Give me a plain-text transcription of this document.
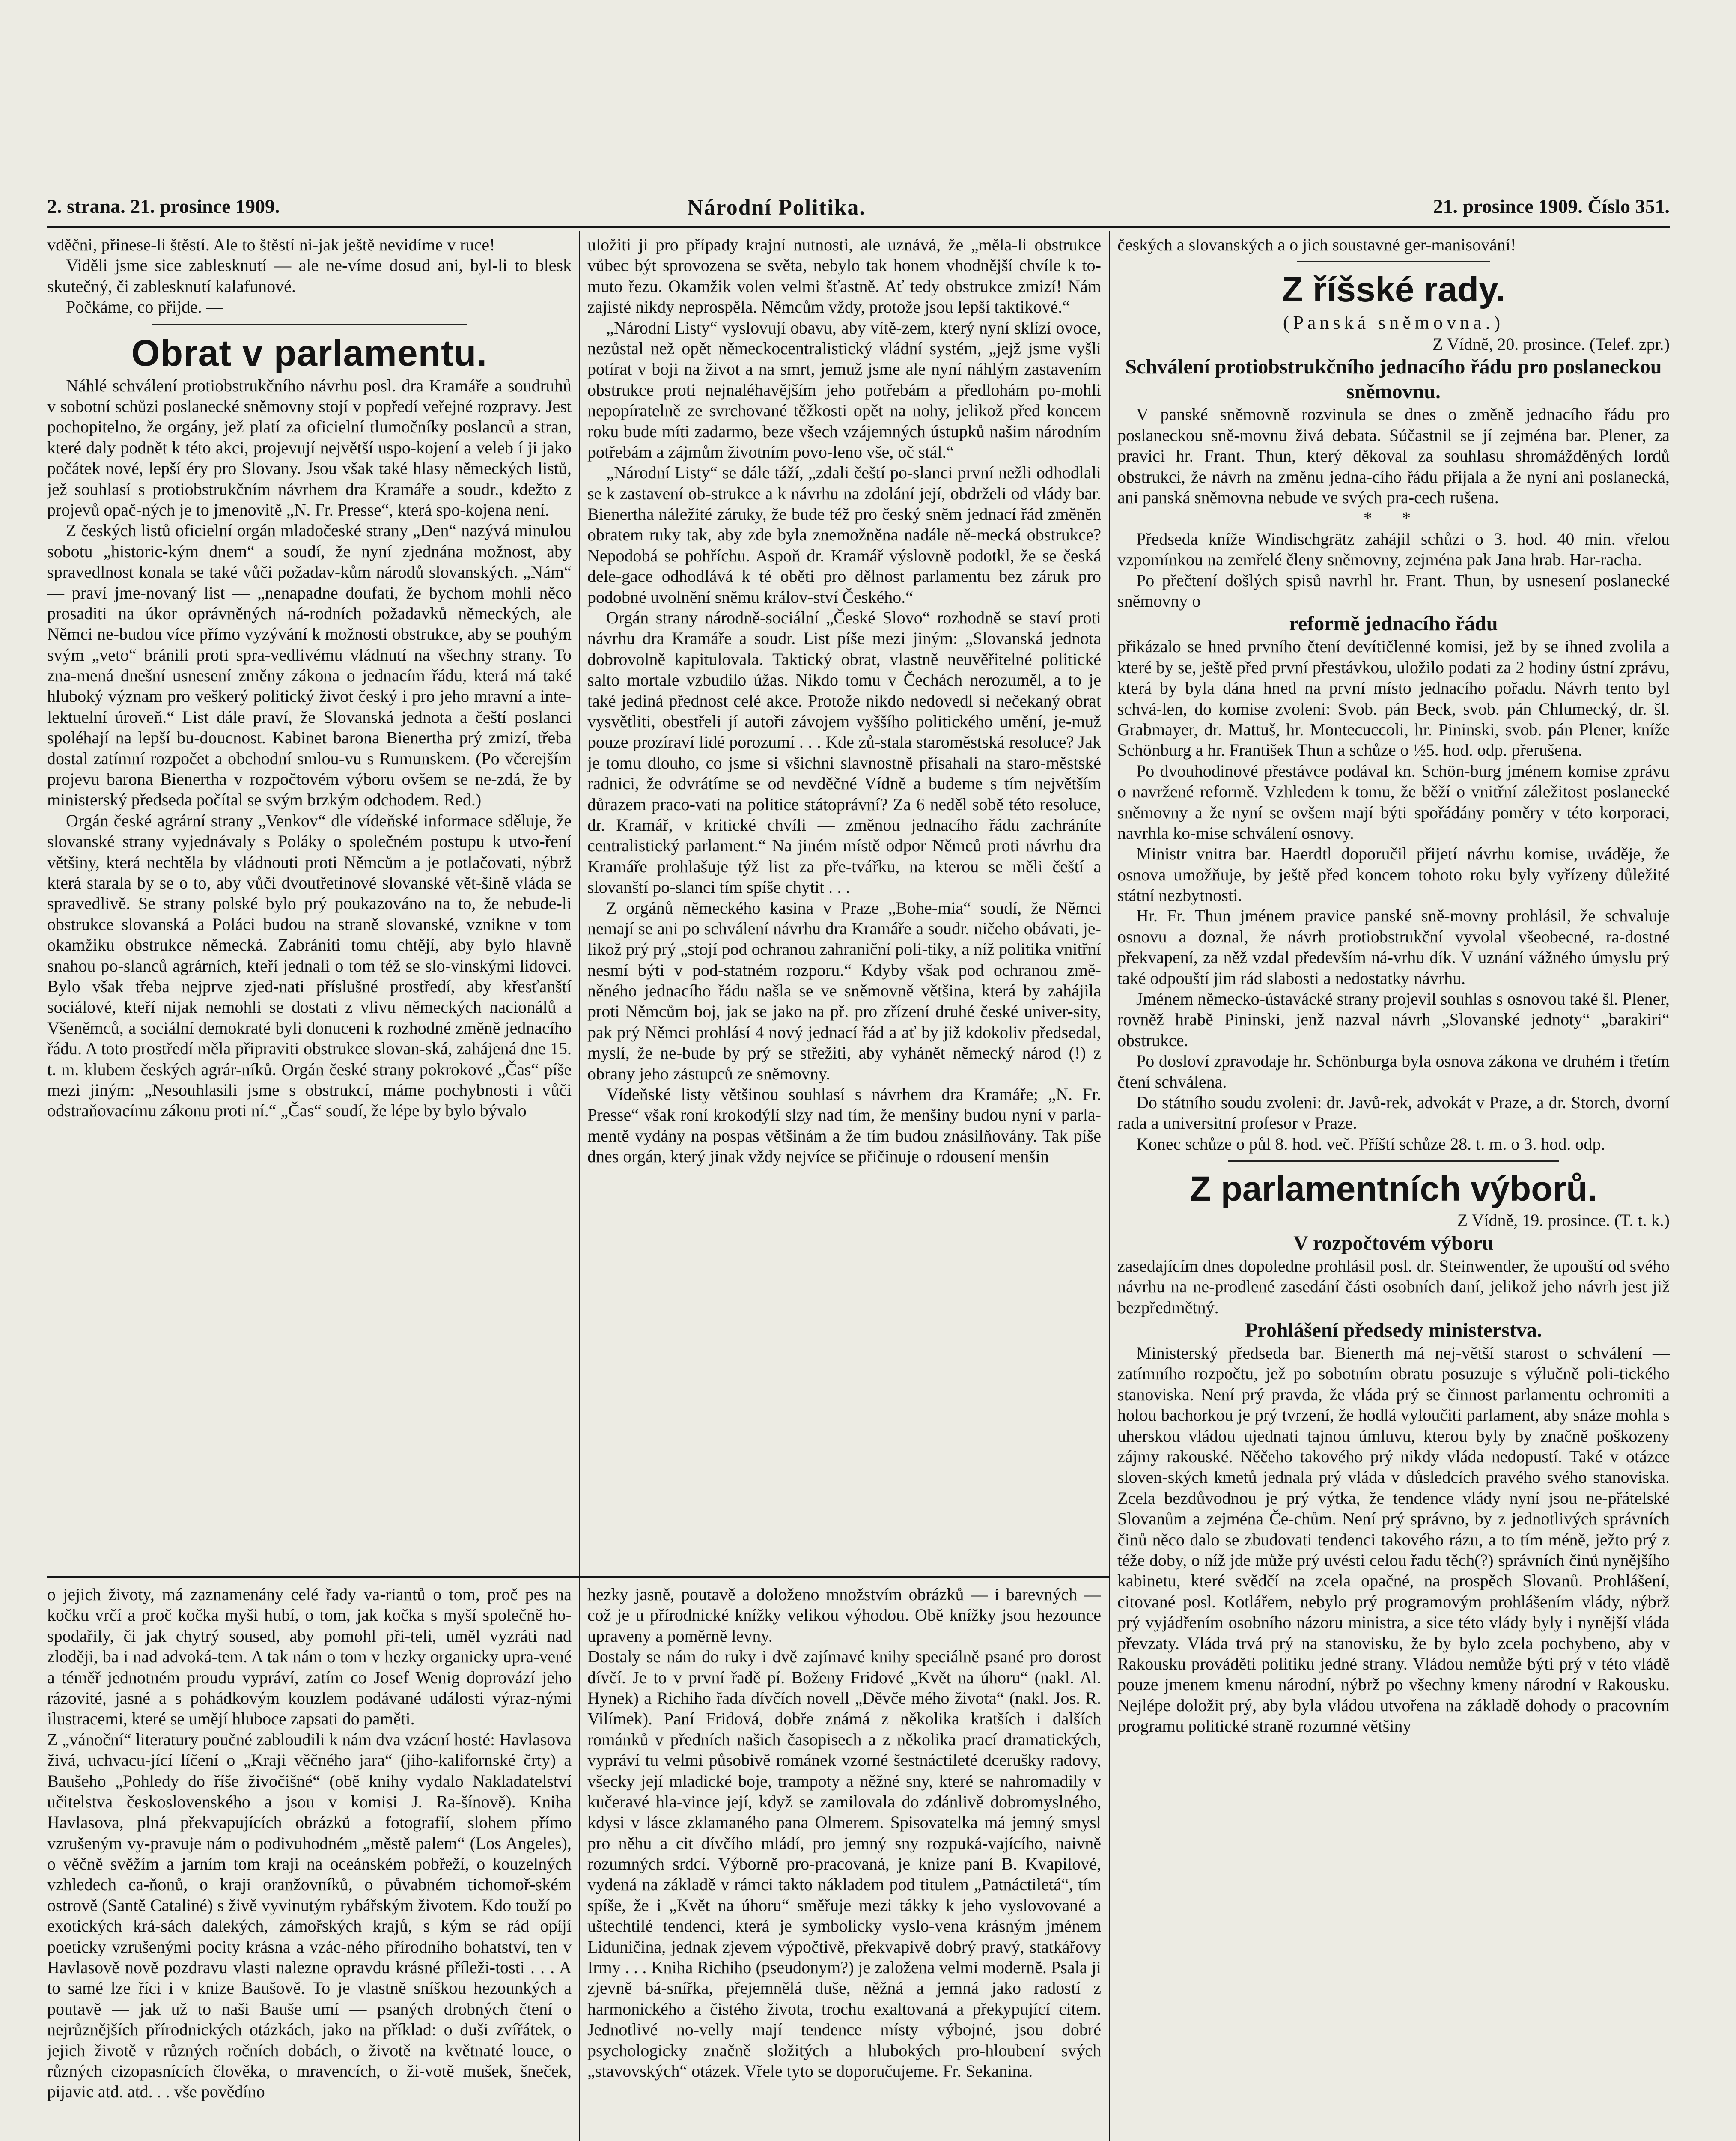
2. strana. 21. prosince 1909.	Národní Politika.	21. prosince 1909. Číslo 351.

vděčni, přinese-li štěstí. Ale to štěstí ni-jak ještě nevidíme v ruce!

Viděli jsme sice zablesknutí — ale ne-víme dosud ani, byl-li to blesk skutečný, či zablesknutí kalafunové.

Počkáme, co přijde. —

Obrat v parlamentu.

Náhlé schválení protiobstrukčního návrhu posl. dra Kramáře a soudruhů v sobotní schůzi poslanecké sněmovny stojí v popředí veřejné rozpravy. Jest pochopitelno, že orgány, jež platí za oficielní tlumočníky poslanců a stran, které daly podnět k této akci, projevují největší uspo-kojení a veleb í ji jako počátek nové, lepší éry pro Slovany. Jsou však také hlasy německých listů, jež souhlasí s protiobstrukčním návrhem dra Kramáře a soudr., kdežto z projevů opač-ných je to jmenovitě „N. Fr. Presse“, která spo-kojena není.

Z českých listů oficielní orgán mladočeské strany „Den“ nazývá minulou sobotu „historic-kým dnem“ a soudí, že nyní zjednána možnost, aby spravedlnost konala se také vůči požadav-kům národů slovanských. „Nám“ — praví jme-novaný list — „nenapadne doufati, že bychom mohli něco prosaditi na úkor oprávněných ná-rodních požadavků německých, ale Němci ne-budou více přímo vyzývání k možnosti obstrukce, aby se pouhým svým „veto“ bránili proti spra-vedlivému vládnutí na všechny strany. To zna-mená dnešní usnesení změny zákona o jednacím řádu, která má také hluboký význam pro veškerý politický život český i pro jeho mravní a inte-lektuelní úroveň.“ List dále praví, že Slovanská jednota a čeští poslanci spoléhají na lepší bu-doucnost. Kabinet barona Bienertha prý zmizí, třeba dostal zatímní rozpočet a obchodní smlou-vu s Rumunskem. (Po včerejším projevu barona Bienertha v rozpočtovém výboru ovšem se ne-zdá, že by ministerský předseda počítal se svým brzkým odchodem. Red.)

Orgán české agrární strany „Venkov“ dle vídeňské informace sděluje, že slovanské strany vyjednávaly s Poláky o společném postupu k utvo-ření většiny, která nechtěla by vládnouti proti Němcům a je potlačovati, nýbrž která starala by se o to, aby vůči dvoutřetinové slovanské vět-šině vláda se spravedlivě. Se strany polské bylo prý poukazováno na to, že nebude-li obstrukce slovanská a Poláci budou na straně slovanské, vznikne v tom okamžiku obstrukce německá. Zabrániti tomu chtějí, aby bylo hlavně snahou po-slanců agrárních, kteří jednali o tom též se slo-vinskými lidovci. Bylo však třeba nejprve zjed-nati příslušné prostředí, aby křesťanští sociálové, kteří nijak nemohli se dostati z vlivu německých nacionálů a Všeněmců, a sociální demokraté byli donuceni k rozhodné změně jednacího řádu. A toto prostředí měla připraviti obstrukce slovan-ská, zahájená dne 15. t. m. klubem českých agrár-níků. Orgán české strany pokrokové „Čas“ píše mezi jiným: „Nesouhlasili jsme s obstrukcí, máme pochybnosti i vůči odstraňovacímu zákonu proti ní.“ „Čas“ soudí, že lépe by bylo bývalo

uložiti ji pro případy krajní nutnosti, ale uznává, že „měla-li obstrukce vůbec být sprovozena se světa, nebylo tak honem vhodnější chvíle k to-muto řezu. Okamžik volen velmi šťastně. Ať tedy obstrukce zmizí! Nám zajisté nikdy neprospěla. Němcům vždy, protože jsou lepší taktikové.“

„Národní Listy“ vyslovují obavu, aby vítě-zem, který nyní sklízí ovoce, nezůstal než opět německocentralistický vládní systém, „jejž jsme vyšli potírat v boji na život a na smrt, jemuž jsme ale nyní náhlým zastavením obstrukce proti nejnaléhavějším jeho potřebám a předlohám po-mohli nepopíratelně ze svrchované těžkosti opět na nohy, jelikož před koncem roku bude míti zadarmo, beze všech vzájemných ústupků našim národním potřebám a zájmům životním povo-leno vše, oč stál.“

„Národní Listy“ se dále táží, „zdali čeští po-slanci první nežli odhodlali se k zastavení ob-strukce a k návrhu na zdolání její, obdrželi od vlády bar. Bienertha náležité záruky, že bude též pro český sněm jednací řád změněn obratem ruky tak, aby zde byla znemožněna nadále ně-mecká obstrukce? Nepodobá se pohříchu. Aspoň dr. Kramář výslovně podotkl, že se česká dele-gace odhodlává k té oběti pro dělnost parlamentu bez záruk pro podobné uvolnění sněmu králov-ství Českého.“

Orgán strany národně-sociální „České Slovo“ rozhodně se staví proti návrhu dra Kramáře a soudr. List píše mezi jiným: „Slovanská jednota dobrovolně kapitulovala. Taktický obrat, vlastně neuvěřitelné politické salto mortale vzbudilo úžas. Nikdo tomu v Čechách nerozuměl, a to je také jediná přednost celé akce. Protože nikdo nedovedl si nečekaný obrat vysvětliti, obestřeli jí autoři závojem vyššího politického umění, je-muž pouze prozíraví lidé porozumí . . . Kde zů-stala staroměstská resoluce? Jak je tomu dlouho, co jsme si všichni slavnostně přísahali na staro-městské radnici, že odvrátíme se od nevděčné Vídně a budeme s tím největším důrazem praco-vati na politice státoprávní? Za 6 neděl sobě této resoluce, dr. Kramář, v kritické chvíli — změnou jednacího řádu zachráníte centralistický parlament.“ Na jiném místě odpor Němců proti návrhu dra Kramáře prohlašuje týž list za pře-tvářku, na kterou se měli čeští a slovanští po-slanci tím spíše chytit . . .

Z orgánů německého kasina v Praze „Bohe-mia“ soudí, že Němci nemají se ani po schválení návrhu dra Kramáře a soudr. ničeho obávati, je-likož prý prý „stojí pod ochranou zahraniční poli-tiky, a níž politika vnitřní nesmí býti v pod-statném rozporu.“ Kdyby však pod ochranou změ-něného jednacího řádu našla se ve sněmovně většina, která by zahájila proti Němcům boj, jak se jako na př. pro zřízení druhé české univer-sity, pak prý Němci prohlásí 4 nový jednací řád a ať by již kdokoliv předsedal, myslí, že ne-bude by prý se střežiti, aby vyhánět německý národ (!) z obrany jeho zástupců ze sněmovny.

Vídeňské listy většinou souhlasí s návrhem dra Kramáře; „N. Fr. Presse“ však roní krokodýlí slzy nad tím, že menšiny budou nyní v parla-mentě vydány na pospas většinám a že tím budou znásilňovány. Tak píše dnes orgán, který jinak vždy nejvíce se přičinuje o rdousení menšin

českých a slovanských a o jich soustavné ger-manisování!

Z říšské rady.

(Panská sněmovna.)

Z Vídně, 20. prosince. (Telef. zpr.)

Schválení protiobstrukčního jednacího řádu pro poslaneckou sněmovnu.

V panské sněmovně rozvinula se dnes o změně jednacího řádu pro poslaneckou sně-movnu živá debata. Súčastnil se jí zejména bar. Plener, za pravici hr. Frant. Thun, který děkoval za souhlasu shromážděných lordů obstrukci, že návrh na změnu jedna-cího řádu přijala a že nyní ani poslanecká, ani panská sněmovna nebude ve svých pra-cech rušena.

* *

Předseda kníže Windischgrätz zahájil schůzi o 3. hod. 40 min. vřelou vzpomínkou na zemřelé členy sněmovny, zejména pak Jana hrab. Har-racha.

Po přečtení došlých spisů navrhl hr. Frant. Thun, by usnesení poslanecké sněmovny o

reformě jednacího řádu

přikázalo se hned prvního čtení devítičlenné komisi, jež by se ihned zvolila a které by se, ještě před první přestávkou, uložilo podati za 2 hodiny ústní zprávu, která by byla dána hned na první místo jednacího pořadu. Návrh tento byl schvá-len, do komise zvoleni: Svob. pán Beck, svob. pán Chlumecký, dr. šl. Grabmayer, dr. Mattuš, hr. Montecuccoli, hr. Pininski, svob. pán Plener, kníže Schönburg a hr. František Thun a schůze o ½5. hod. odp. přerušena.

Po dvouhodinové přestávce podával kn. Schön-burg jménem komise zprávu o navržené reformě. Vzhledem k tomu, že běží o vnitřní záležitost poslanecké sněmovny a že nyní se ovšem mají býti spořádány poměry v této korporaci, navrhla ko-mise schválení osnovy.

Ministr vnitra bar. Haerdtl doporučil přijetí návrhu komise, uváděje, že osnova umožňuje, by ještě před koncem tohoto roku byly vyřízeny důležité státní nezbytnosti.

Hr. Fr. Thun jménem pravice panské sně-movny prohlásil, že schvaluje osnovu a doznal, že návrh protiobstrukční vyvolal všeobecné, ra-dostné překvapení, za něž vzdal především ná-vrhu dík. V uznání vážného úmyslu prý také odpouští jim rád slabosti a nedostatky návrhu.

Jménem německo-ústavácké strany projevil souhlas s osnovou také šl. Plener, rovněž hrabě Pininski, jenž nazval návrh „Slovanské jednoty“ „barakiri“ obstrukce.

Po dosloví zpravodaje hr. Schönburga byla osnova zákona ve druhém i třetím čtení schválena.

Do státního soudu zvoleni: dr. Javů-rek, advokát v Praze, a dr. Storch, dvorní rada a universitní profesor v Praze.

Konec schůze o půl 8. hod. več. Příští schůze 28. t. m. o 3. hod. odp.

Z parlamentních výborů.

Z Vídně, 19. prosince. (T. t. k.)

V rozpočtovém výboru

zasedajícím dnes dopoledne prohlásil posl. dr. Steinwender, že upouští od svého návrhu na ne-prodlené zasedání části osobních daní, jelikož jeho návrh jest již bezpředmětný.

Prohlášení předsedy ministerstva.

Ministerský předseda bar. Bienerth má nej-větší starost o schválení — zatímního rozpočtu, jež po sobotním obratu posuzuje s výlučně poli-tického stanoviska. Není prý pravda, že vláda prý se činnost parlamentu ochromiti a holou bachorkou je prý tvrzení, že hodlá vyloučiti parlament, aby snáze mohla s uherskou vládou ujednati tajnou úmluvu, kterou byly by značně poškozeny zájmy rakouské. Něčeho takového prý nikdy vláda nedopustí. Také v otázce sloven-ských kmetů jednala prý vláda v důsledcích pravého svého stanoviska. Zcela bezdůvodnou je prý výtka, že tendence vlády nyní jsou ne-přátelské Slovanům a zejména Če-chům. Není prý správno, by z jednotlivých správních činů něco dalo se zbudovati tendenci takového rázu, a to tím méně, ježto prý z téže doby, o níž jde může prý uvésti celou řadu těch(?) správních činů nynějšího kabinetu, které svědčí na zcela opačné, na prospěch Slovanů. Prohlášení, citované posl. Kotlářem, nebylo prý programovým prohlášením vlády, nýbrž prý vyjádřením osobního názoru ministra, a sice této vlády byly i nynější vláda převzaty. Vláda trvá prý na stanovisku, že by bylo zcela pochybeno, aby v Rakousku prováděti politiku jedné strany. Vládou nemůže býti prý v této vládě pouze jmenem kmenu národní, nýbrž po všechny kmeny národní v Rakousku. Nejlépe doložit prý, aby byla vládou utvořena na základě dohody o pracovním programu politické straně rozumné většiny

o jejich životy, má zaznamenány celé řady va-riantů o tom, proč pes na kočku vrčí a proč kočka myši hubí, o tom, jak kočka s myší společně ho-spodařily, či jak chytrý soused, aby pomohl při-teli, uměl vyzráti nad zloději, ba i nad advoká-tem. A tak nám o tom v hezky organicky upra-vené a téměř jednotném proudu vypráví, zatím co Josef Wenig doprovází jeho rázovité, jasné a s pohádkovým kouzlem podávané události výraz-nými ilustracemi, které se umějí hluboce zapsati do paměti.
Z „vánoční“ literatury poučné zabloudili k nám dva vzácní hosté: Havlasova živá, uchvacu-jící líčení o „Kraji věčného jara“ (jiho-kalifornské črty) a Baušeho „Pohledy do říše živočišné“ (obě knihy vydalo Nakladatelství učitelstva československého a jsou v komisi J. Ra-šínově). Kniha Havlasova, plná překvapujících obrázků a fotografií, slohem přímo vzrušeným vy-pravuje nám o podivuhodném „městě palem“ (Los Angeles), o věčně svěžím a jarním tom kraji na oceánském pobřeží, o kouzelných vzhledech ca-ňonů, o kraji oranžovníků, o půvabném tichomoř-ském ostrově (Santě Cataliné) s živě vyvinutým rybářským životem. Kdo touží po exotických krá-sách dalekých, zámořských krajů, s kým se rád opíjí poeticky vzrušenými pocity krásna a vzác-ného přírodního bohatství, ten v Havlasově nově pozdravu vlasti nalezne opravdu krásné příleži-tosti . . . A to samé lze říci i v knize Baušově. To je vlastně sníškou hezounkých a poutavě — jak už to naši Bauše umí — psaných drobných čtení o nejrůznějších přírodnických otázkách, jako na příklad: o duši zvířátek, o jejich životě v různých ročních dobách, o životě na květnaté louce, o různých cizopasnících člověka, o mravencích, o ži-votě mušek, šneček, pijavic atd. atd. . . vše povědíno
hezky jasně, poutavě a doloženo množstvím obrázků — i barevných — což je u přírodnické knížky velikou výhodou. Obě knížky jsou hezounce upraveny a poměrně levny.
Dostaly se nám do ruky i dvě zajímavé knihy speciálně psané pro dorost dívčí. Je to v první řadě pí. Boženy Fridové „Květ na úhoru“ (nakl. Al. Hynek) a Richiho řada dívčích novell „Děvče mého života“ (nakl. Jos. R. Vilímek). Paní Fridová, dobře známá z několika kratších i dalších románků v předních našich časopisech a z několika prací dramatických, vypráví tu velmi působivě románek vzorné šestnáctileté dcerušky radovy, všecky její mladické boje, trampoty a něžné sny, které se nahromadily v kučeravé hla-vince její, když se zamilovala do zdánlivě dobromyslného, kdysi v lásce zklamaného pana Olmerem. Spisovatelka má jemný smysl pro něhu a cit dívčího mládí, pro jemný sny rozpuká-vajícího, naivně rozumných srdcí. Výborně pro-pracovaná, je knize paní B. Kvapilové, vydená na základě v rámci takto nákladem pod titulem „Patnáctiletá“, tím spíše, že i „Květ na úhoru“ směřuje mezi tákky k jeho vyslovované a uštechtilé tendenci, která je symbolicky vyslo-vena krásným jménem Liduničina, jednak zjevem výpočtivě, překvapivě dobrý pravý, statkářovy Irmy . . . Kniha Richiho (pseudonym?) je založena velmi modernĕ. Psala ji zjevně bá-snířka, přejemnělá duše, něžná a jemná jako radostí z harmonického a čistého života, trochu exaltovaná a překypující citem. Jednotlivé no-velly mají tendence místy výbojné, jsou dobré psychologicky značně složitých a hlubokých pro-hloubení svých „stavovských“ otázek. Vřele tyto se doporučujeme. Fr. Sekanina.
